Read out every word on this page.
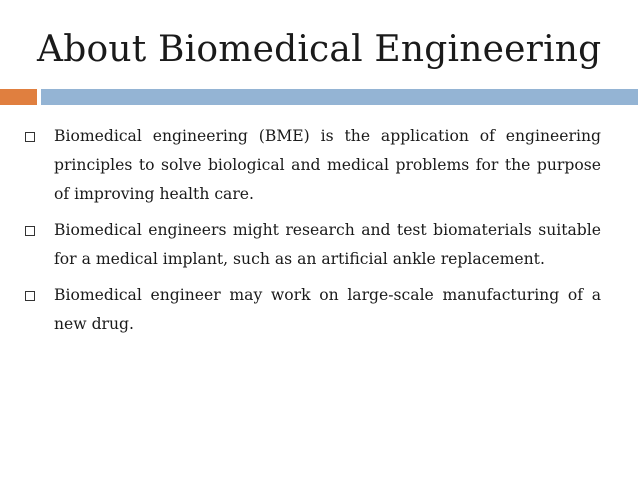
About Biomedical Engineering
Biomedical engineering (BME) is the application of engineering principles to solve biological and medical problems for the purpose of improving health care.
Biomedical engineers might research and test biomaterials suitable for a medical implant, such as an artificial ankle replacement.
Biomedical engineer may work on large-scale manufacturing of a new drug.
